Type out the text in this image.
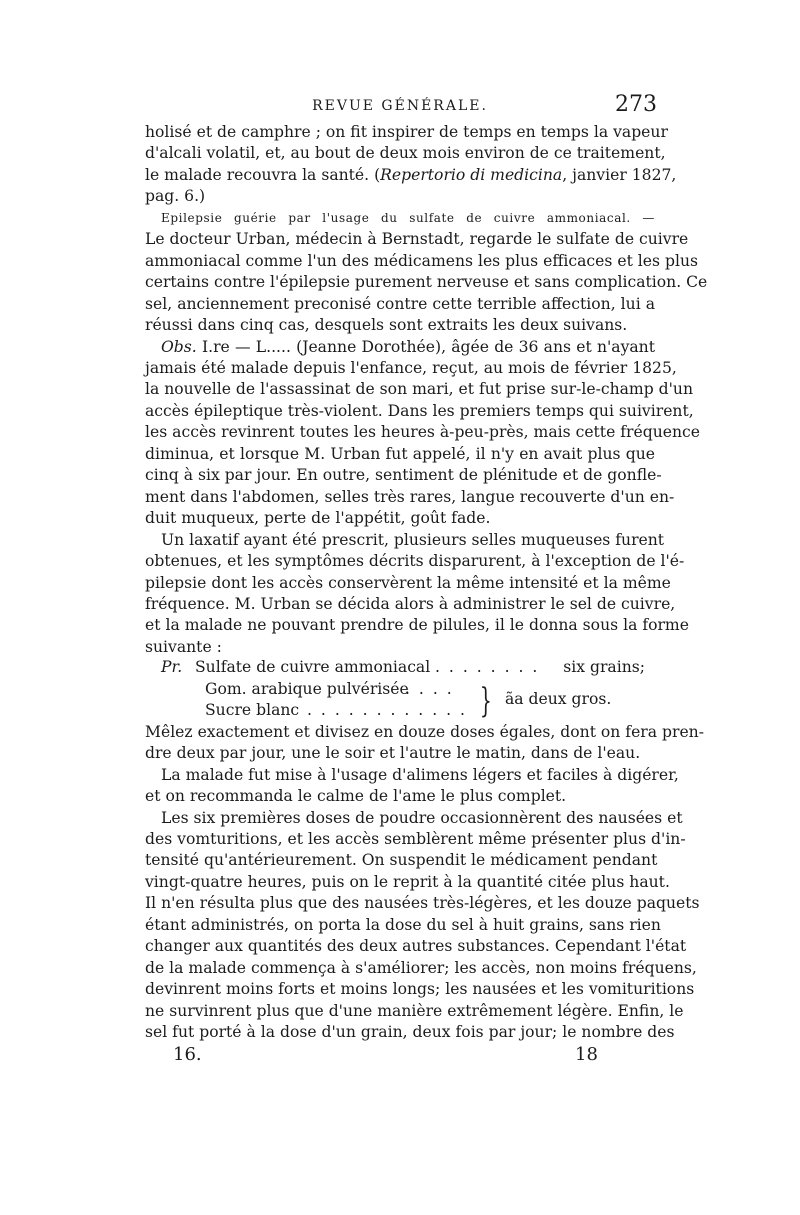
REVUE GÉNÉRALE.	273
holisé et de camphre ; on fit inspirer de temps en temps la vapeur
d'alcali volatil, et, au bout de deux mois environ de ce traitement,
le malade recouvra la santé. (Repertorio di medicina, janvier 1827,
pag. 6.)
Epilepsie guérie par l'usage du sulfate de cuivre ammoniacal. —
Le docteur Urban, médecin à Bernstadt, regarde le sulfate de cuivre
ammoniacal comme l'un des médicamens les plus efficaces et les plus
certains contre l'épilepsie purement nerveuse et sans complication. Ce
sel, anciennement preconisé contre cette terrible affection, lui a
réussi dans cinq cas, desquels sont extraits les deux suivans.
Obs. I.re — L..... (Jeanne Dorothée), âgée de 36 ans et n'ayant
jamais été malade depuis l'enfance, reçut, au mois de février 1825,
la nouvelle de l'assassinat de son mari, et fut prise sur-le-champ d'un
accès épileptique très-violent. Dans les premiers temps qui suivirent,
les accès revinrent toutes les heures à-peu-près, mais cette fréquence
diminua, et lorsque M. Urban fut appelé, il n'y en avait plus que
cinq à six par jour. En outre, sentiment de plénitude et de gonfle-
ment dans l'abdomen, selles très rares, langue recouverte d'un en-
duit muqueux, perte de l'appétit, goût fade.
Un laxatif ayant été prescrit, plusieurs selles muqueuses furent
obtenues, et les symptômes décrits disparurent, à l'exception de l'é-
pilepsie dont les accès conservèrent la même intensité et la même
fréquence. M. Urban se décida alors à administrer le sel de cuivre,
et la malade ne pouvant prendre de pilules, il le donna sous la forme
suivante :
Pr. Sulfate de cuivre ammoniacal . . . . . . . . six grains;
Gom. arabique pulvérisée
. . . .
Sucre blanc . . . . . . . . . . . . } ãa deux gros.
Mêlez exactement et divisez en douze doses égales, dont on fera pren-
dre deux par jour, une le soir et l'autre le matin, dans de l'eau.
La malade fut mise à l'usage d'alimens légers et faciles à digérer,
et on recommanda le calme de l'ame le plus complet.
Les six premières doses de poudre occasionnèrent des nausées et
des vomturitions, et les accès semblèrent même présenter plus d'in-
tensité qu'antérieurement. On suspendit le médicament pendant
vingt-quatre heures, puis on le reprit à la quantité citée plus haut.
Il n'en résulta plus que des nausées très-légères, et les douze paquets
étant administrés, on porta la dose du sel à huit grains, sans rien
changer aux quantités des deux autres substances. Cependant l'état
de la malade commença à s'améliorer; les accès, non moins fréquens,
devinrent moins forts et moins longs; les nausées et les vomituritions
ne survinrent plus que d'une manière extrêmement légère. Enfin, le
sel fut porté à la dose d'un grain, deux fois par jour; le nombre des
16.	18
